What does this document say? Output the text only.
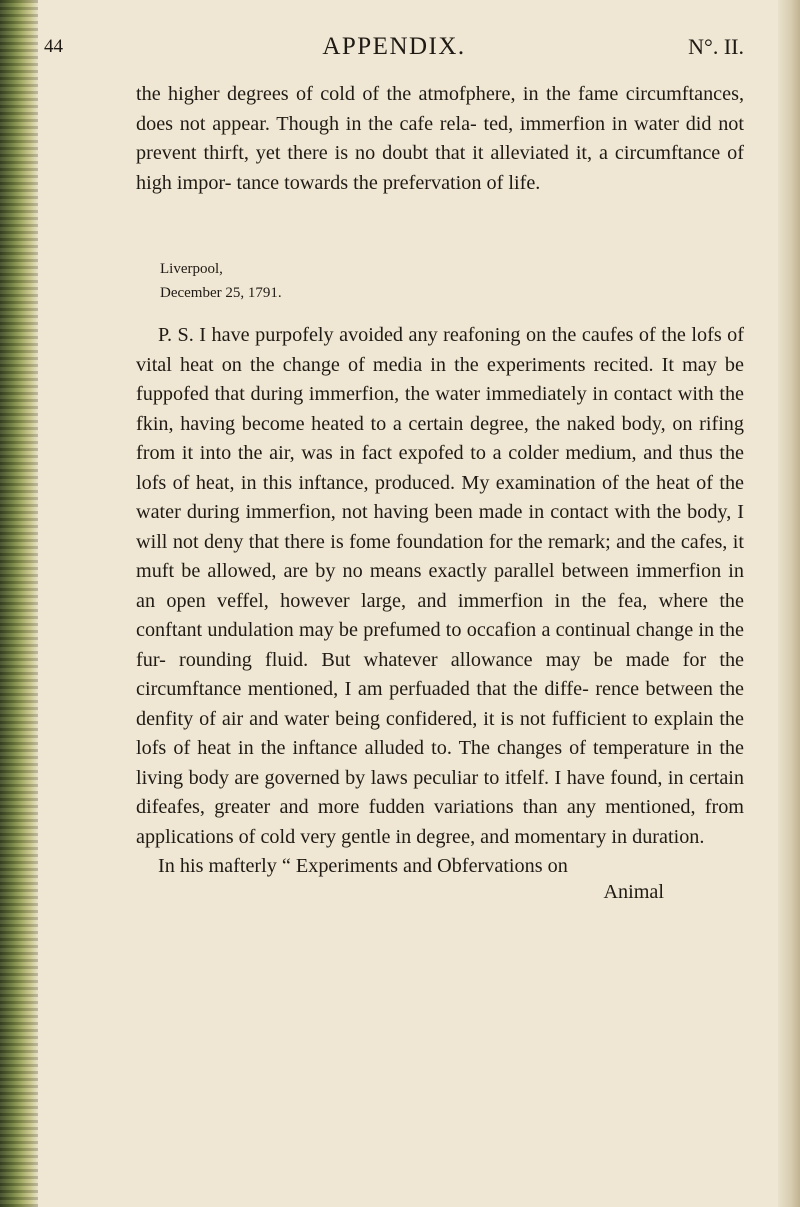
44	APPENDIX.	N°. II.

the higher degrees of cold of the atmofphere, in the fame circumftances, does not appear. Though in the cafe rela- ted, immerfion in water did not prevent thirft, yet there is no doubt that it alleviated it, a circumftance of high impor- tance towards the prefervation of life.

Liverpool,
December 25, 1791.

P. S. I have purpofely avoided any reafoning on the caufes of the lofs of vital heat on the change of media in the experiments recited. It may be fuppofed that during immerfion, the water immediately in contact with the fkin, having become heated to a certain degree, the naked body, on rifing from it into the air, was in fact expofed to a colder medium, and thus the lofs of heat, in this inftance, produced. My examination of the heat of the water during immerfion, not having been made in contact with the body, I will not deny that there is fome foundation for the remark; and the cafes, it muft be allowed, are by no means exactly parallel between immerfion in an open veffel, however large, and immerfion in the fea, where the conftant undulation may be prefumed to occafion a continual change in the fur- rounding fluid. But whatever allowance may be made for the circumftance mentioned, I am perfuaded that the diffe- rence between the denfity of air and water being confidered, it is not fufficient to explain the lofs of heat in the inftance alluded to. The changes of temperature in the living body are governed by laws peculiar to itfelf. I have found, in certain difeafes, greater and more fudden variations than any mentioned, from applications of cold very gentle in degree, and momentary in duration.

In his mafterly “ Experiments and Obfervations on

Animal
